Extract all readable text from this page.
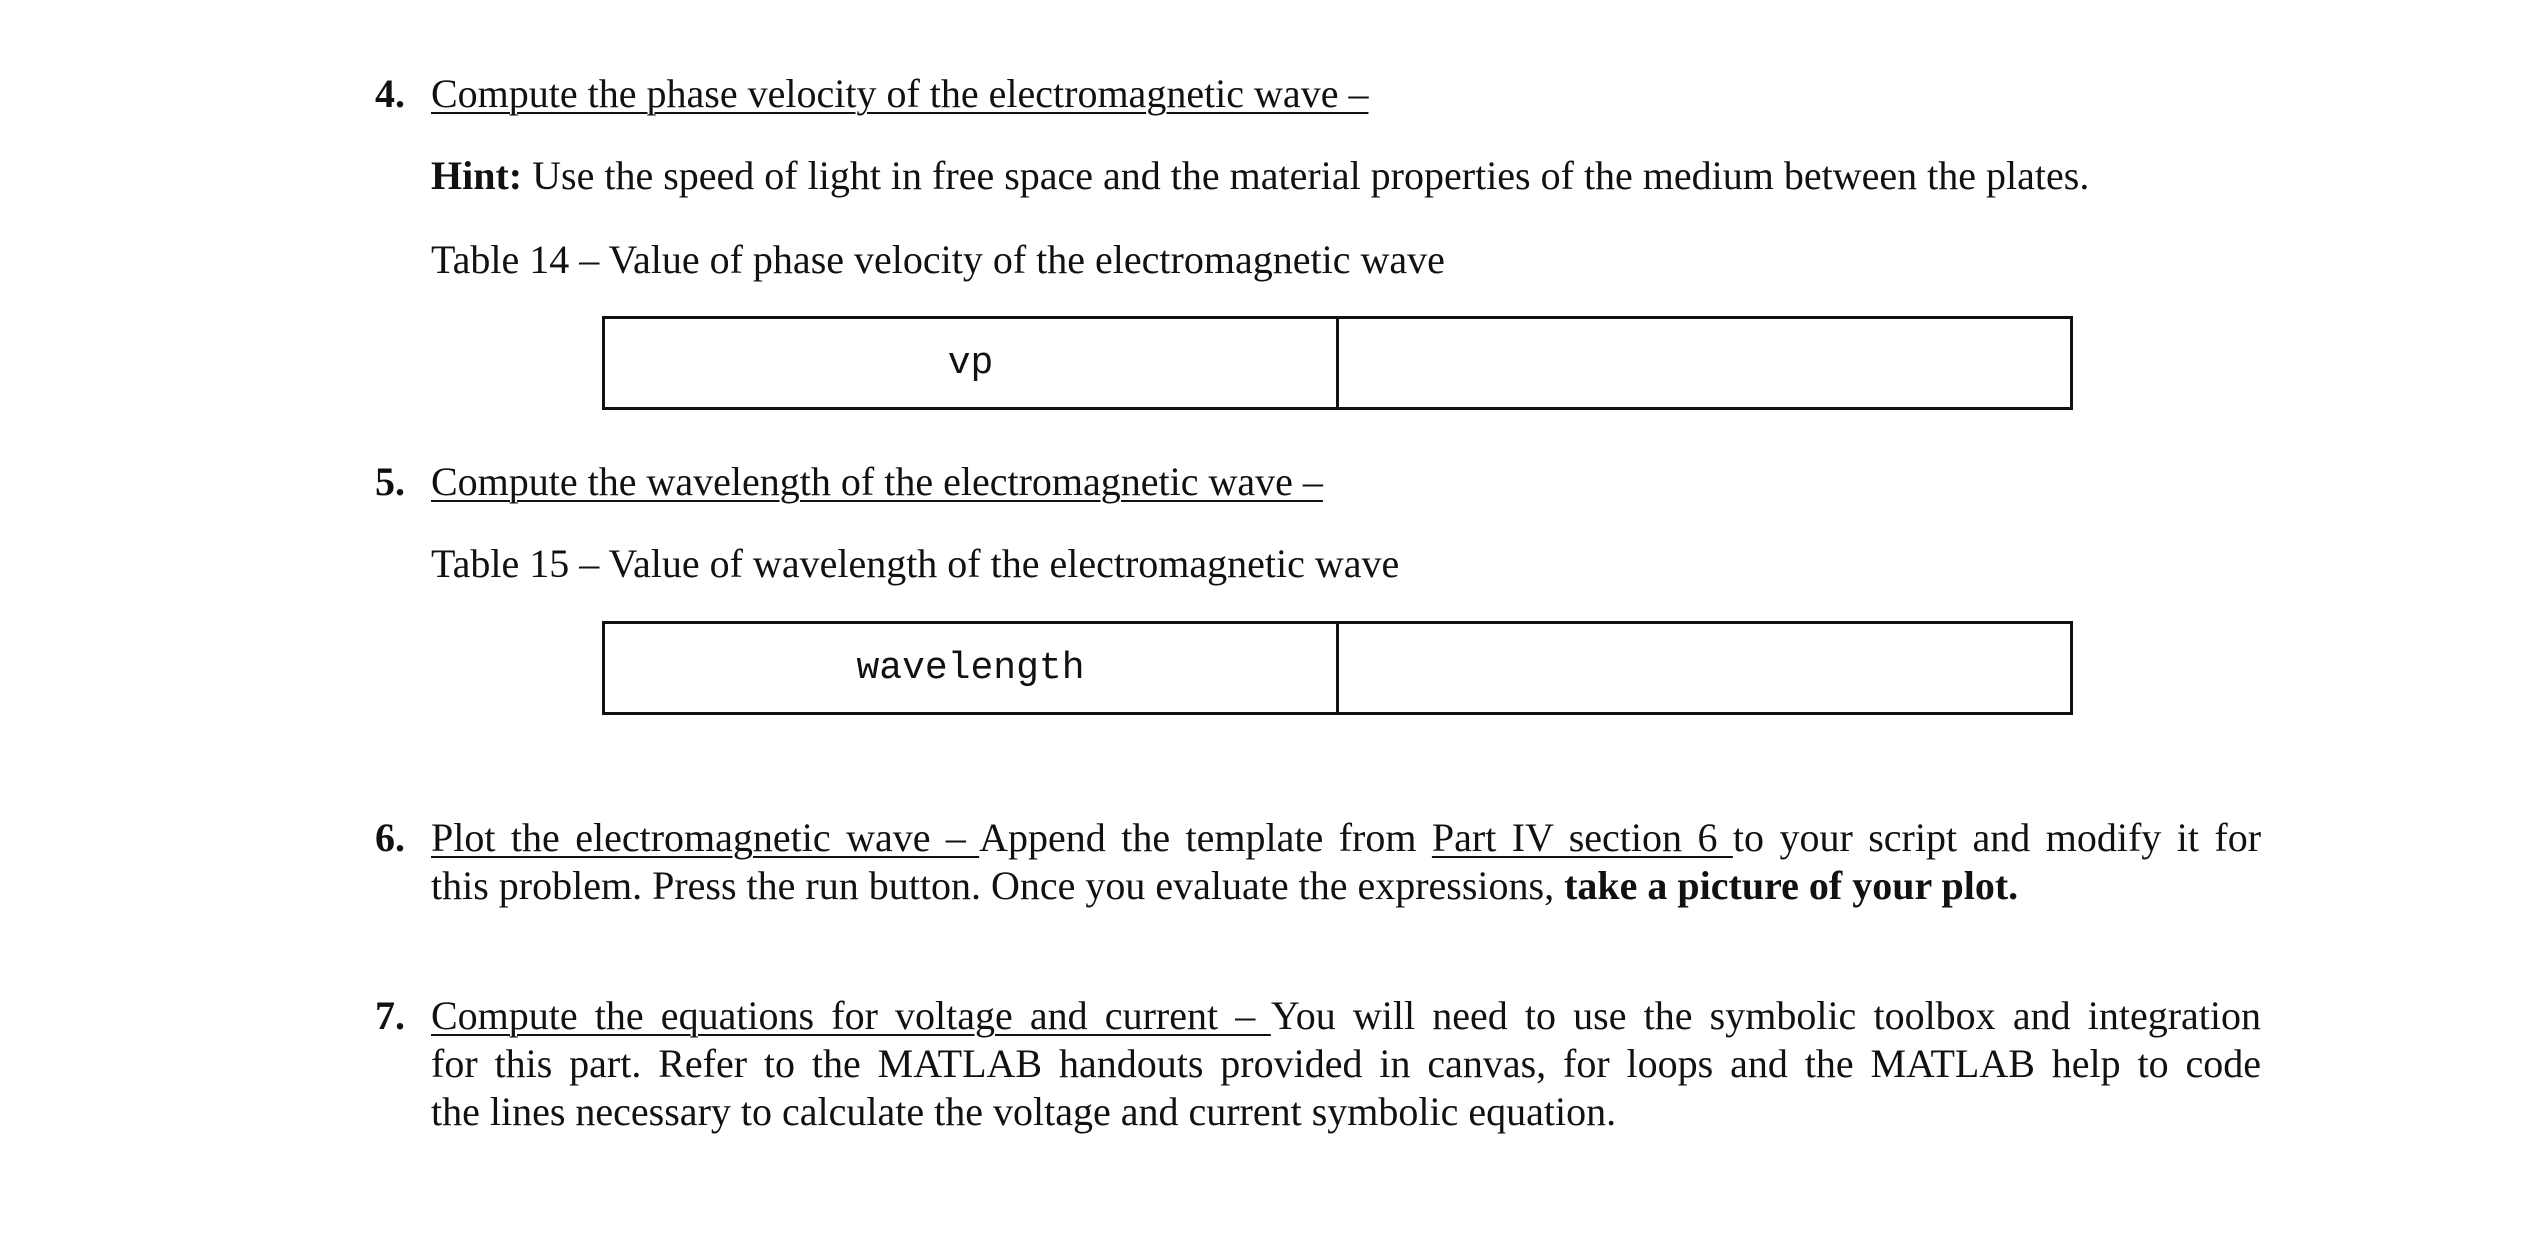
4. Compute the phase velocity of the electromagnetic wave –
Hint: Use the speed of light in free space and the material properties of the medium between the plates.
Table 14 – Value of phase velocity of the electromagnetic wave
vp	
5. Compute the wavelength of the electromagnetic wave –
Table 15 – Value of wavelength of the electromagnetic wave
wavelength	
6. Plot the electromagnetic wave – Append the template from Part IV section 6 to your script and modify it for
this problem. Press the run button. Once you evaluate the expressions, take a picture of your plot.
7. Compute the equations for voltage and current – You will need to use the symbolic toolbox and integration
for this part. Refer to the MATLAB handouts provided in canvas, for loops and the MATLAB help to code
the lines necessary to calculate the voltage and current symbolic equation.
